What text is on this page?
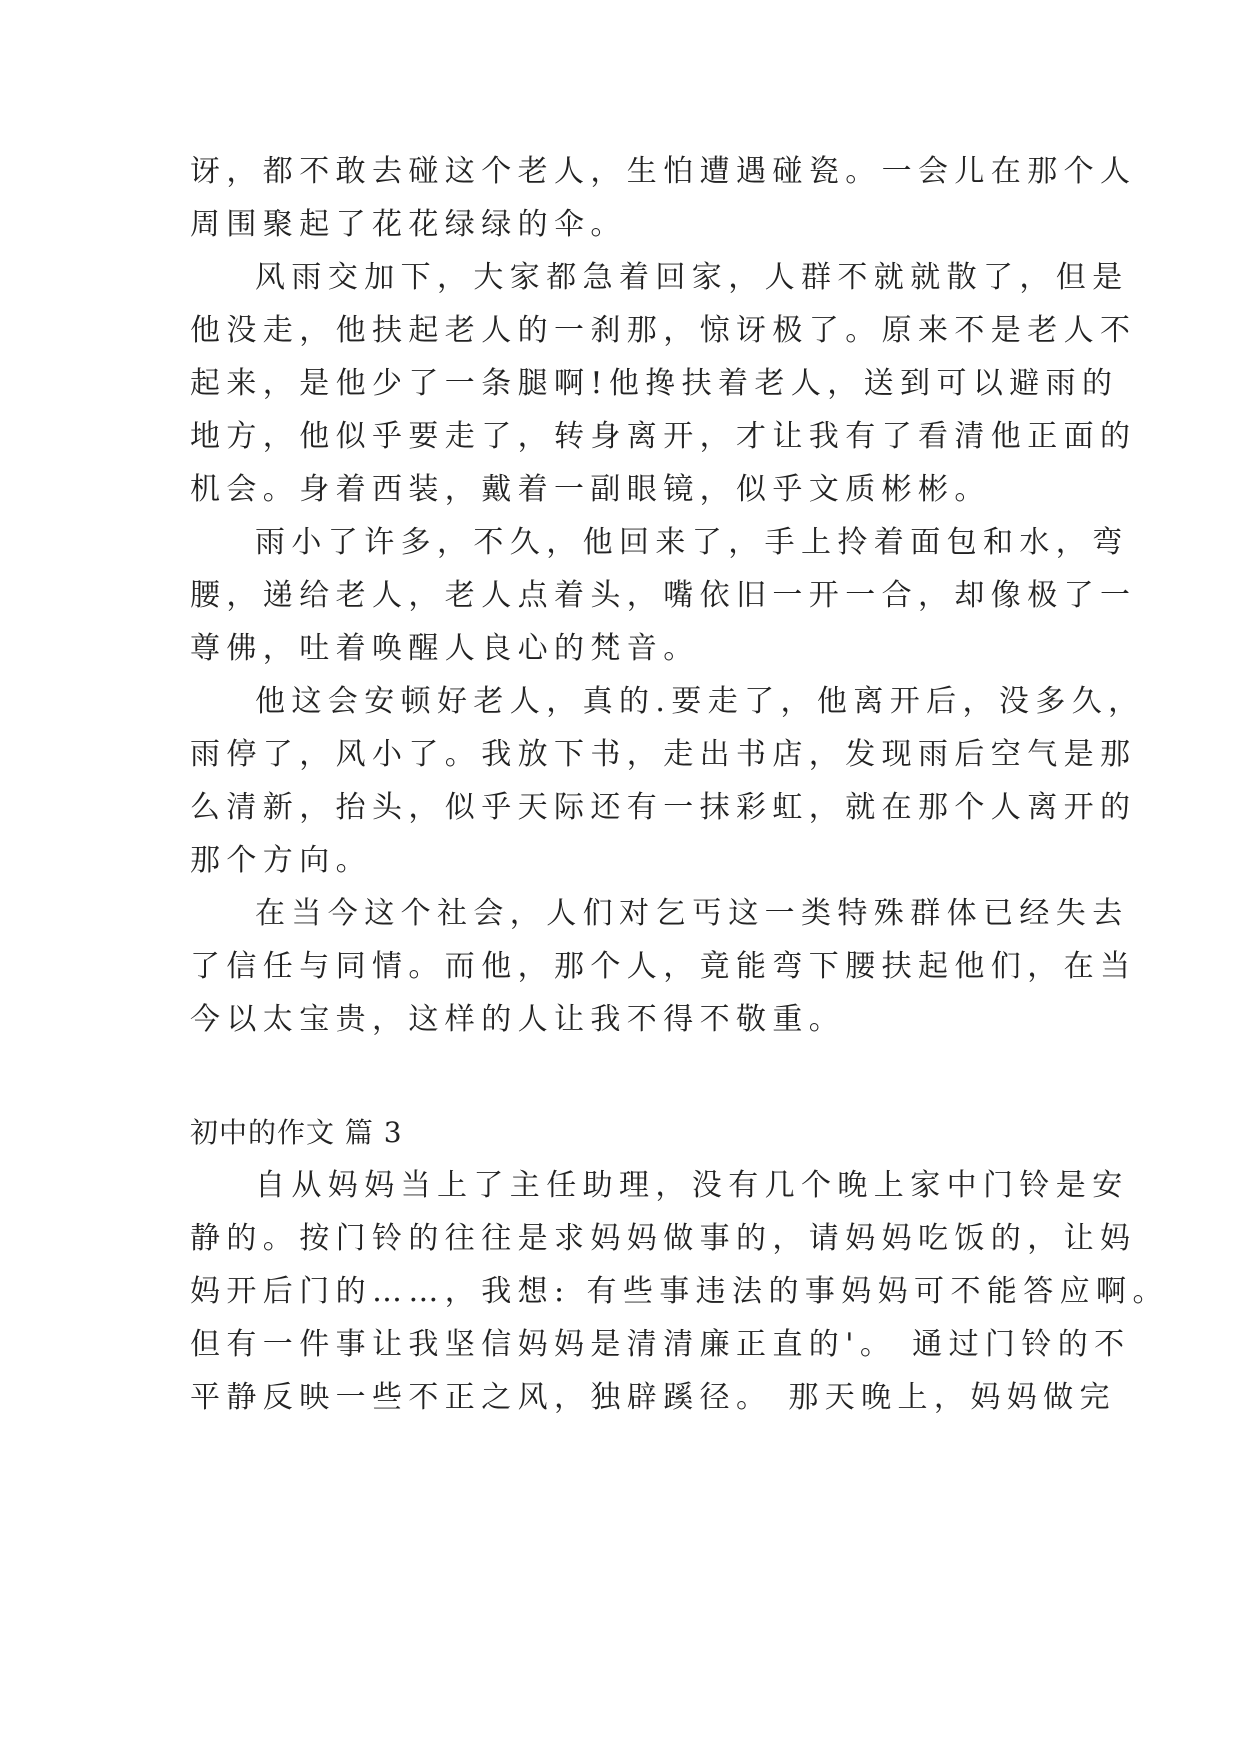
讶，都不敢去碰这个老人，生怕遭遇碰瓷。一会儿在那个人
周围聚起了花花绿绿的伞。
风雨交加下，大家都急着回家，人群不就就散了，但是
他没走，他扶起老人的一刹那，惊讶极了。原来不是老人不
起来，是他少了一条腿啊!他搀扶着老人，送到可以避雨的
地方，他似乎要走了，转身离开，才让我有了看清他正面的
机会。身着西装，戴着一副眼镜，似乎文质彬彬。
雨小了许多，不久，他回来了，手上拎着面包和水，弯
腰，递给老人，老人点着头，嘴依旧一开一合，却像极了一
尊佛，吐着唤醒人良心的梵音。
他这会安顿好老人，真的.要走了，他离开后，没多久，
雨停了，风小了。我放下书，走出书店，发现雨后空气是那
么清新，抬头，似乎天际还有一抹彩虹，就在那个人离开的
那个方向。
在当今这个社会，人们对乞丐这一类特殊群体已经失去
了信任与同情。而他，那个人，竟能弯下腰扶起他们，在当
今以太宝贵，这样的人让我不得不敬重。
初中的作文 篇 3
自从妈妈当上了主任助理，没有几个晚上家中门铃是安
静的。按门铃的往往是求妈妈做事的，请妈妈吃饭的，让妈
妈开后门的……，我想: 有些事违法的事妈妈可不能答应啊。
但有一件事让我坚信妈妈是清清廉正直的'。 通过门铃的不
平静反映一些不正之风，独辟蹊径。 那天晚上，妈妈做完
